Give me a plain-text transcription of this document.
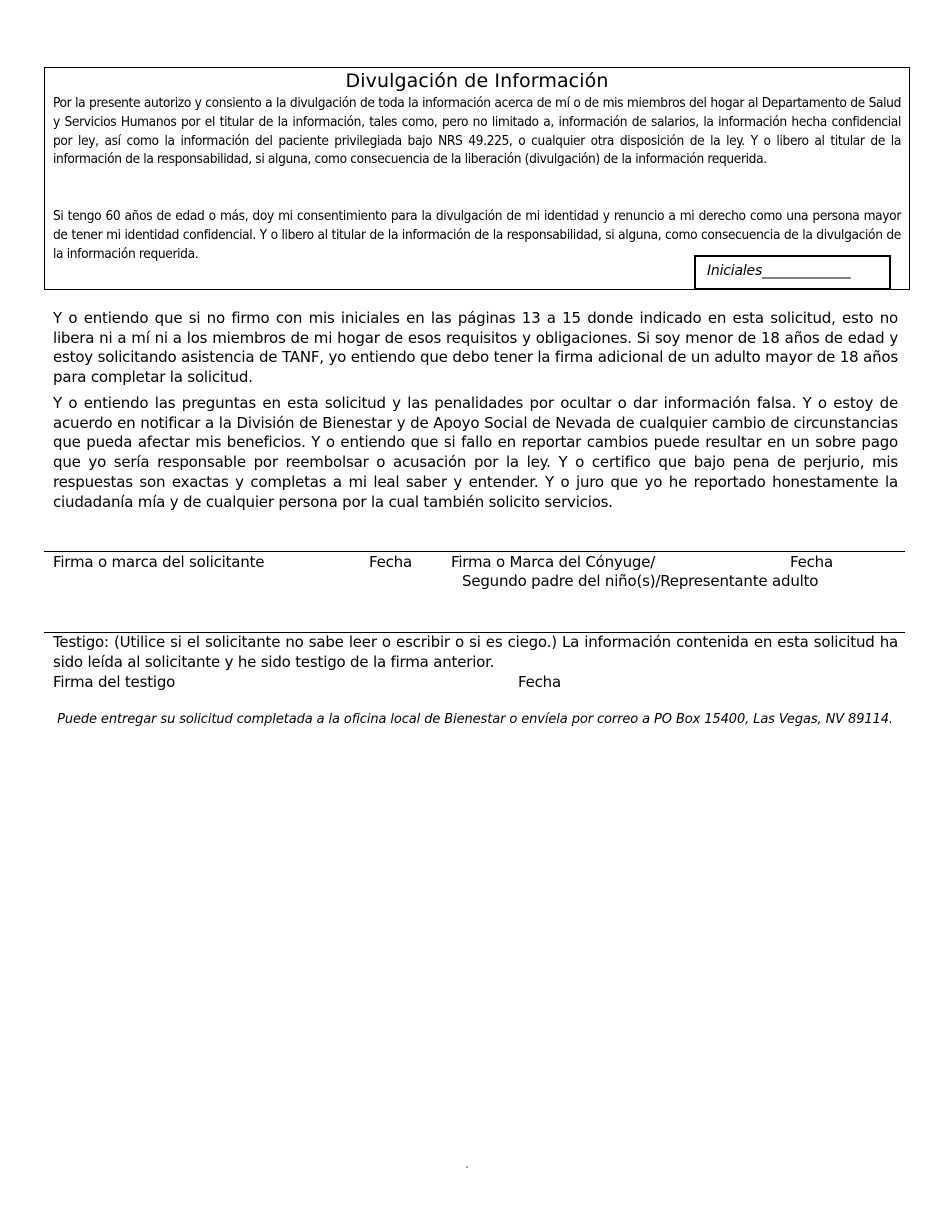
Divulgación de Información
Por la presente autorizo y consiento a la divulgación de toda la información acerca de mí o de mis miembros del hogar al Departamento de Salud y Servicios Humanos por el titular de la información, tales como, pero no limitado a, información de salarios, la información hecha confidencial por ley, así como la información del paciente privilegiada bajo NRS 49.225, o cualquier otra disposición de la ley. Y o libero al titular de la información de la responsabilidad, si alguna, como consecuencia de la liberación (divulgación) de la información requerida.
Si tengo 60 años de edad o más, doy mi consentimiento para la divulgación de mi identidad y renuncio a mi derecho como una persona mayor de tener mi identidad confidencial. Y o libero al titular de la información de la responsabilidad, si alguna, como consecuencia de la divulgación de la información requerida.
Iniciales_____________
Y o entiendo que si no firmo con mis iniciales en las páginas 13 a 15 donde indicado en esta solicitud, esto no libera ni a mí ni a los miembros de mi hogar de esos requisitos y obligaciones. Si soy menor de 18 años de edad y estoy solicitando asistencia de TANF, yo entiendo que debo tener la firma adicional de un adulto mayor de 18 años para completar la solicitud.
Y o entiendo las preguntas en esta solicitud y las penalidades por ocultar o dar información falsa. Y o estoy de acuerdo en notificar a la División de Bienestar y de Apoyo Social de Nevada de cualquier cambio de circunstancias que pueda afectar mis beneficios. Y o entiendo que si fallo en reportar cambios puede resultar en un sobre pago que yo sería responsable por reembolsar o acusación por la ley. Y o certifico que bajo pena de perjurio, mis respuestas son exactas y completas a mi leal saber y entender. Y o juro que yo he reportado honestamente la ciudadanía mía y de cualquier persona por la cual también solicito servicios.
Firma o marca del solicitante	Fecha	Firma o Marca del Cónyuge/	Fecha
Segundo padre del niño(s)/Representante adulto
Testigo: (Utilice si el solicitante no sabe leer o escribir o si es ciego.) La información contenida en esta solicitud ha sido leída al solicitante y he sido testigo de la firma anterior.
Firma del testigo	Fecha
Puede entregar su solicitud completada a la oficina local de Bienestar o envíela por correo a PO Box 15400, Las Vegas, NV 89114.
